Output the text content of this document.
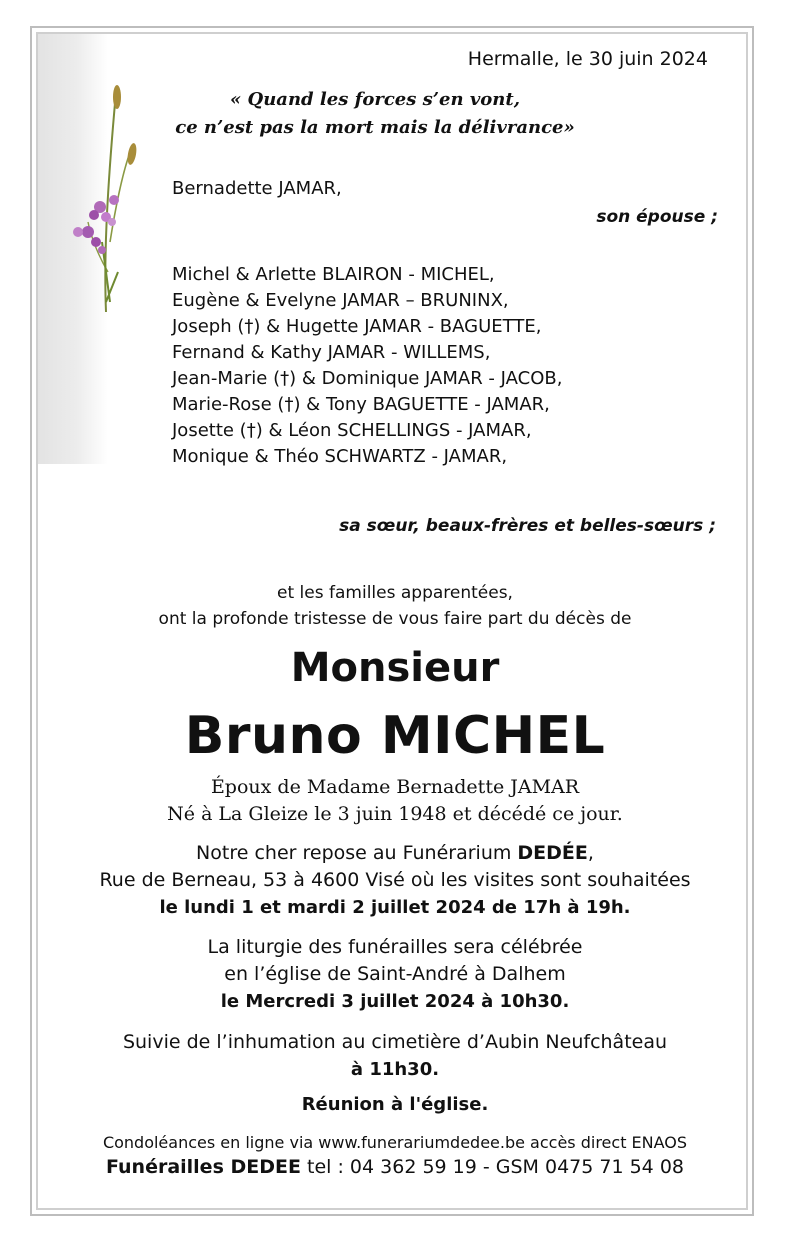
Hermalle, le 30 juin 2024

« Quand les forces s’en vont,
ce n’est pas la mort mais la délivrance»

Bernadette JAMAR,

son épouse ;

Michel & Arlette BLAIRON - MICHEL,
Eugène & Evelyne JAMAR – BRUNINX,
Joseph (†) & Hugette JAMAR - BAGUETTE,
Fernand & Kathy JAMAR - WILLEMS,
Jean-Marie (†) & Dominique JAMAR - JACOB,
Marie-Rose (†) & Tony BAGUETTE - JAMAR,
Josette (†) & Léon SCHELLINGS - JAMAR,
Monique & Théo SCHWARTZ - JAMAR,

sa sœur, beaux-frères et belles-sœurs ;

et les familles apparentées,
ont la profonde tristesse de vous faire part du décès de

Monsieur

Bruno MICHEL

Époux de Madame Bernadette JAMAR
Né à La Gleize le 3 juin 1948 et décédé ce jour.
Notre cher repose au Funérarium DEDÉE,
Rue de Berneau, 53 à 4600 Visé où les visites sont souhaitées
le lundi 1 et mardi 2 juillet 2024 de 17h à 19h.
La liturgie des funérailles sera célébrée
en l’église de Saint-André à Dalhem
le Mercredi 3 juillet 2024 à 10h30.
Suivie de l’inhumation au cimetière d’Aubin Neufchâteau
à 11h30.

Réunion à l'église.

Condoléances en ligne via www.funerariumdedee.be accès direct ENAOS

Funérailles DEDEE tel : 04 362 59 19 - GSM 0475 71 54 08
